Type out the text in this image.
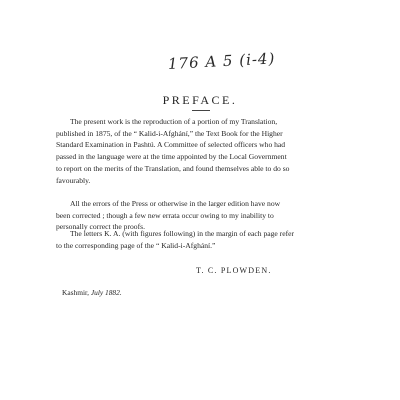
176 A 5 (i-4)
PREFACE.

The present work is the reproduction of a portion of my Translation, published in 1875, of the “ Kalid-i-Afghání,” the Text Book for the Higher Standard Examination in Pashtú. A Committee of selected officers who had passed in the language were at the time appointed by the Local Government to report on the merits of the Translation, and found themselves able to do so favourably.

All the errors of the Press or otherwise in the larger edition have now been corrected ; though a few new errata occur owing to my inability to personally correct the proofs.

The letters K. A. (with figures following) in the margin of each page refer to the corresponding page of the “ Kalid-i-Afghání.”

T. C. PLOWDEN.
Kashmir, July 1882.
